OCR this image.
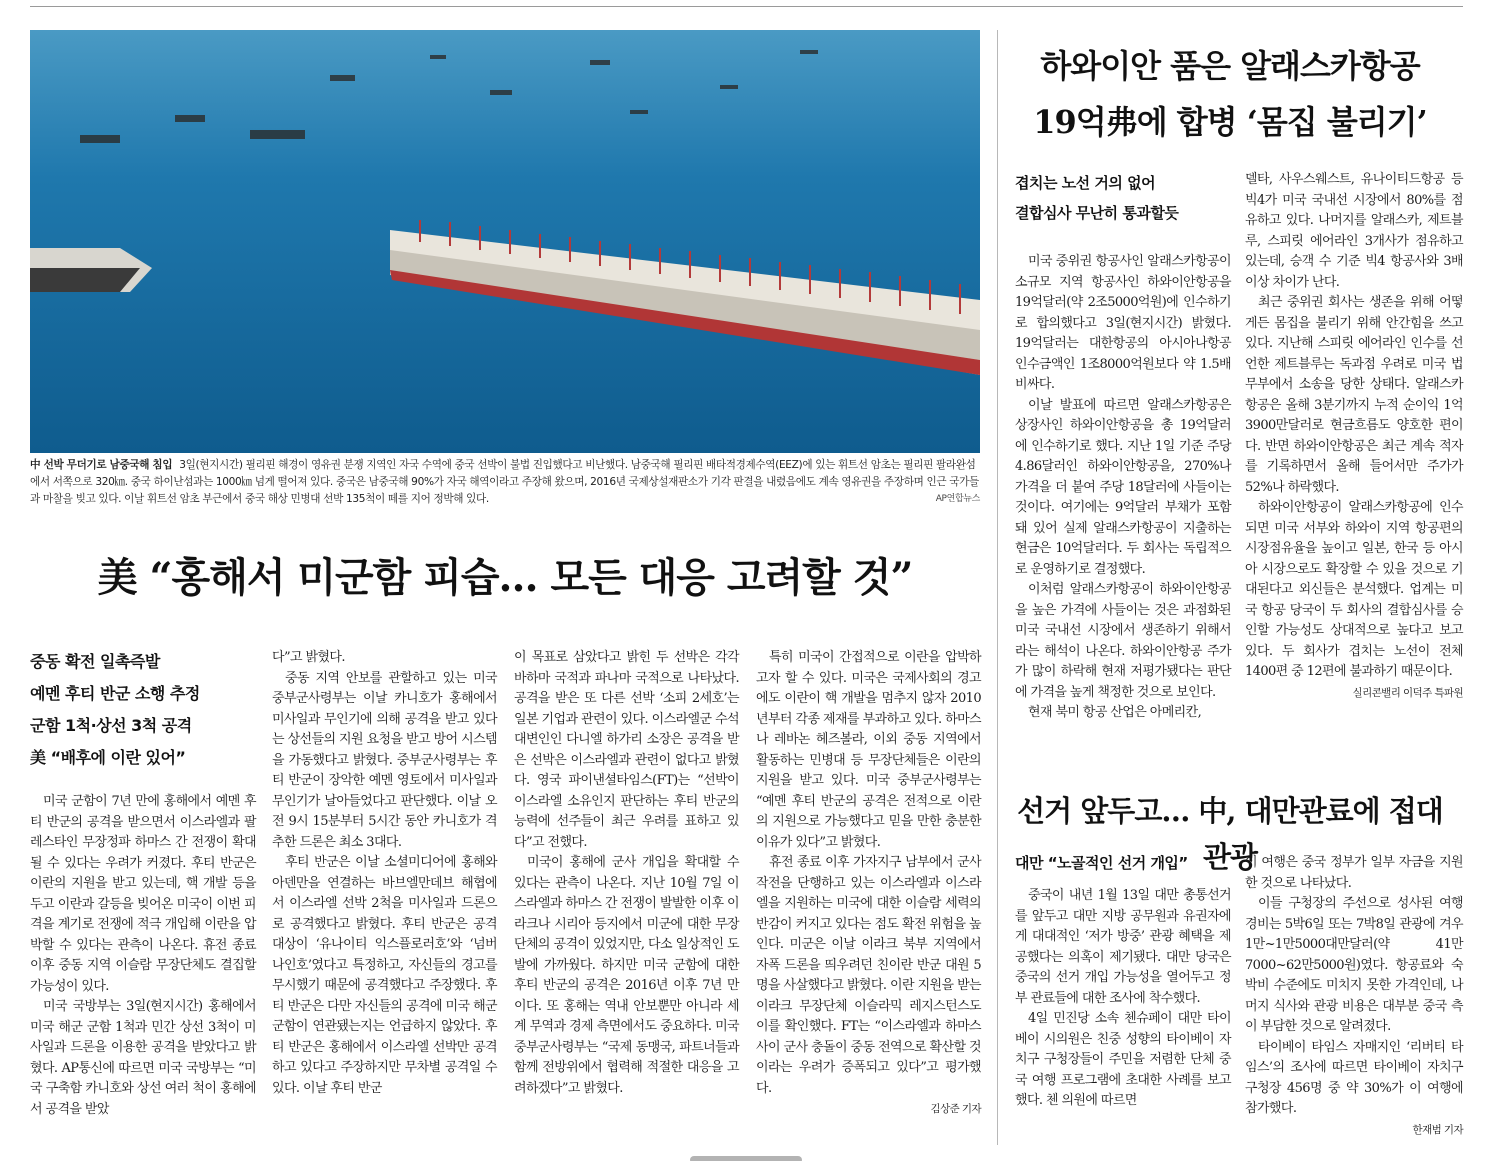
中 선박 무더기로 남중국해 침입 3일(현지시간) 필리핀 해경이 영유권 분쟁 지역인 자국 수역에 중국 선박이 불법 진입했다고 비난했다. 남중국해 필리핀 배타적경제수역(EEZ)에 있는 휘트선 암초는 필리핀 팔라완섬에서 서쪽으로 320㎞. 중국 하이난섬과는 1000㎞ 넘게 떨어져 있다. 중국은 남중국해 90%가 자국 해역이라고 주장해 왔으며, 2016년 국제상설재판소가 기각 판결을 내렸음에도 계속 영유권을 주장하며 인근 국가들과 마찰을 빚고 있다. 이날 휘트선 암초 부근에서 중국 해상 민병대 선박 135척이 떼를 지어 정박해 있다.	AP연합뉴스
美 “홍해서 미군함 피습… 모든 대응 고려할 것”
중동 확전 일촉즉발
예멘 후티 반군 소행 추정
군함 1척·상선 3척 공격
美 “배후에 이란 있어”

미국 군함이 7년 만에 홍해에서 예멘 후티 반군의 공격을 받으면서 이스라엘과 팔레스타인 무장정파 하마스 간 전쟁이 확대될 수 있다는 우려가 커졌다. 후티 반군은 이란의 지원을 받고 있는데, 핵 개발 등을 두고 이란과 갈등을 빚어온 미국이 이번 피격을 계기로 전쟁에 적극 개입해 이란을 압박할 수 있다는 관측이 나온다. 휴전 종료 이후 중동 지역 이슬람 무장단체도 결집할 가능성이 있다.

미국 국방부는 3일(현지시간) 홍해에서 미국 해군 군함 1척과 민간 상선 3척이 미사일과 드론을 이용한 공격을 받았다고 밝혔다. AP통신에 따르면 미국 국방부는 “미국 구축함 카니호와 상선 여러 척이 홍해에서 공격을 받았

다”고 밝혔다.

중동 지역 안보를 관할하고 있는 미국 중부군사령부는 이날 카니호가 홍해에서 미사일과 무인기에 의해 공격을 받고 있다는 상선들의 지원 요청을 받고 방어 시스템을 가동했다고 밝혔다. 중부군사령부는 후티 반군이 장악한 예멘 영토에서 미사일과 무인기가 날아들었다고 판단했다. 이날 오전 9시 15분부터 5시간 동안 카니호가 격추한 드론은 최소 3대다.

후티 반군은 이날 소셜미디어에 홍해와 아덴만을 연결하는 바브엘만데브 해협에서 이스라엘 선박 2척을 미사일과 드론으로 공격했다고 밝혔다. 후티 반군은 공격 대상이 ‘유나이티 익스플로러호’와 ‘넘버 나인호’였다고 특정하고, 자신들의 경고를 무시했기 때문에 공격했다고 주장했다. 후티 반군은 다만 자신들의 공격에 미국 해군 군함이 연관됐는지는 언급하지 않았다. 후티 반군은 홍해에서 이스라엘 선박만 공격하고 있다고 주장하지만 무차별 공격일 수 있다. 이날 후티 반군

이 목표로 삼았다고 밝힌 두 선박은 각각 바하마 국적과 파나마 국적으로 나타났다. 공격을 받은 또 다른 선박 ‘소피 2세호’는 일본 기업과 관련이 있다. 이스라엘군 수석 대변인인 다니엘 하가리 소장은 공격을 받은 선박은 이스라엘과 관련이 없다고 밝혔다. 영국 파이낸셜타임스(FT)는 “선박이 이스라엘 소유인지 판단하는 후티 반군의 능력에 선주들이 최근 우려를 표하고 있다”고 전했다.

미국이 홍해에 군사 개입을 확대할 수 있다는 관측이 나온다. 지난 10월 7일 이스라엘과 하마스 간 전쟁이 발발한 이후 이라크나 시리아 등지에서 미군에 대한 무장단체의 공격이 있었지만, 다소 일상적인 도발에 가까웠다. 하지만 미국 군함에 대한 후티 반군의 공격은 2016년 이후 7년 만이다. 또 홍해는 역내 안보뿐만 아니라 세계 무역과 경제 측면에서도 중요하다. 미국 중부군사령부는 “국제 동맹국, 파트너들과 함께 전방위에서 협력해 적절한 대응을 고려하겠다”고 밝혔다.

특히 미국이 간접적으로 이란을 압박하고자 할 수 있다. 미국은 국제사회의 경고에도 이란이 핵 개발을 멈추지 않자 2010년부터 각종 제재를 부과하고 있다. 하마스나 레바논 헤즈볼라, 이외 중동 지역에서 활동하는 민병대 등 무장단체들은 이란의 지원을 받고 있다. 미국 중부군사령부는 “예멘 후티 반군의 공격은 전적으로 이란의 지원으로 가능했다고 믿을 만한 충분한 이유가 있다”고 밝혔다.

휴전 종료 이후 가자지구 남부에서 군사작전을 단행하고 있는 이스라엘과 이스라엘을 지원하는 미국에 대한 이슬람 세력의 반감이 커지고 있다는 점도 확전 위험을 높인다. 미군은 이날 이라크 북부 지역에서 자폭 드론을 띄우려던 친이란 반군 대원 5명을 사살했다고 밝혔다. 이란 지원을 받는 이라크 무장단체 이슬라믹 레지스턴스도 이를 확인했다. FT는 “이스라엘과 하마스 사이 군사 충돌이 중동 전역으로 확산할 것이라는 우려가 증폭되고 있다”고 평가했다.

김상준 기자
하와이안 품은 알래스카항공
19억弗에 합병 ‘몸집 불리기’
겹치는 노선 거의 없어
결합심사 무난히 통과할듯

미국 중위권 항공사인 알래스카항공이 소규모 지역 항공사인 하와이안항공을 19억달러(약 2조5000억원)에 인수하기로 합의했다고 3일(현지시간) 밝혔다. 19억달러는 대한항공의 아시아나항공 인수금액인 1조8000억원보다 약 1.5배 비싸다.

이날 발표에 따르면 알래스카항공은 상장사인 하와이안항공을 총 19억달러에 인수하기로 했다. 지난 1일 기준 주당 4.86달러인 하와이안항공을, 270%나 가격을 더 붙여 주당 18달러에 사들이는 것이다. 여기에는 9억달러 부채가 포함돼 있어 실제 알래스카항공이 지출하는 현금은 10억달러다. 두 회사는 독립적으로 운영하기로 결정했다.

이처럼 알래스카항공이 하와이안항공을 높은 가격에 사들이는 것은 과점화된 미국 국내선 시장에서 생존하기 위해서라는 해석이 나온다. 하와이안항공 주가가 많이 하락해 현재 저평가됐다는 판단에 가격을 높게 책정한 것으로 보인다.

현재 북미 항공 산업은 아메리칸,

델타, 사우스웨스트, 유나이티드항공 등 빅4가 미국 국내선 시장에서 80%를 점유하고 있다. 나머지를 알래스카, 제트블루, 스피릿 에어라인 3개사가 점유하고 있는데, 승객 수 기준 빅4 항공사와 3배 이상 차이가 난다.

최근 중위권 회사는 생존을 위해 어떻게든 몸집을 불리기 위해 안간힘을 쓰고 있다. 지난해 스피릿 에어라인 인수를 선언한 제트블루는 독과점 우려로 미국 법무부에서 소송을 당한 상태다. 알래스카항공은 올해 3분기까지 누적 순이익 1억3900만달러로 현금흐름도 양호한 편이다. 반면 하와이안항공은 최근 계속 적자를 기록하면서 올해 들어서만 주가가 52%나 하락했다.

하와이안항공이 알래스카항공에 인수되면 미국 서부와 하와이 지역 항공편의 시장점유율을 높이고 일본, 한국 등 아시아 시장으로도 확장할 수 있을 것으로 기대된다고 외신들은 분석했다. 업계는 미국 항공 당국이 두 회사의 결합심사를 승인할 가능성도 상대적으로 높다고 보고 있다. 두 회사가 겹치는 노선이 전체 1400편 중 12편에 불과하기 때문이다.

실리콘밸리 이덕주 특파원
선거 앞두고… 中, 대만관료에 접대관광
대만 “노골적인 선거 개입”

중국이 내년 1월 13일 대만 총통선거를 앞두고 대만 지방 공무원과 유권자에게 대대적인 ‘저가 방중’ 관광 혜택을 제공했다는 의혹이 제기됐다. 대만 당국은 중국의 선거 개입 가능성을 열어두고 정부 관료들에 대한 조사에 착수했다.

4일 민진당 소속 첸슈페이 대만 타이베이 시의원은 친중 성향의 타이베이 자치구 구청장들이 주민을 저렴한 단체 중국 여행 프로그램에 초대한 사례를 보고했다. 첸 의원에 따르면

이 여행은 중국 정부가 일부 자금을 지원한 것으로 나타났다.

이들 구청장의 주선으로 성사된 여행 경비는 5박6일 또는 7박8일 관광에 겨우 1만~1만5000대만달러(약 41만7000~62만5000원)였다. 항공료와 숙박비 수준에도 미치지 못한 가격인데, 나머지 식사와 관광 비용은 대부분 중국 측이 부담한 것으로 알려졌다.

타이베이 타임스 자매지인 ‘리버티 타임스’의 조사에 따르면 타이베이 자치구 구청장 456명 중 약 30%가 이 여행에 참가했다.

한재범 기자
